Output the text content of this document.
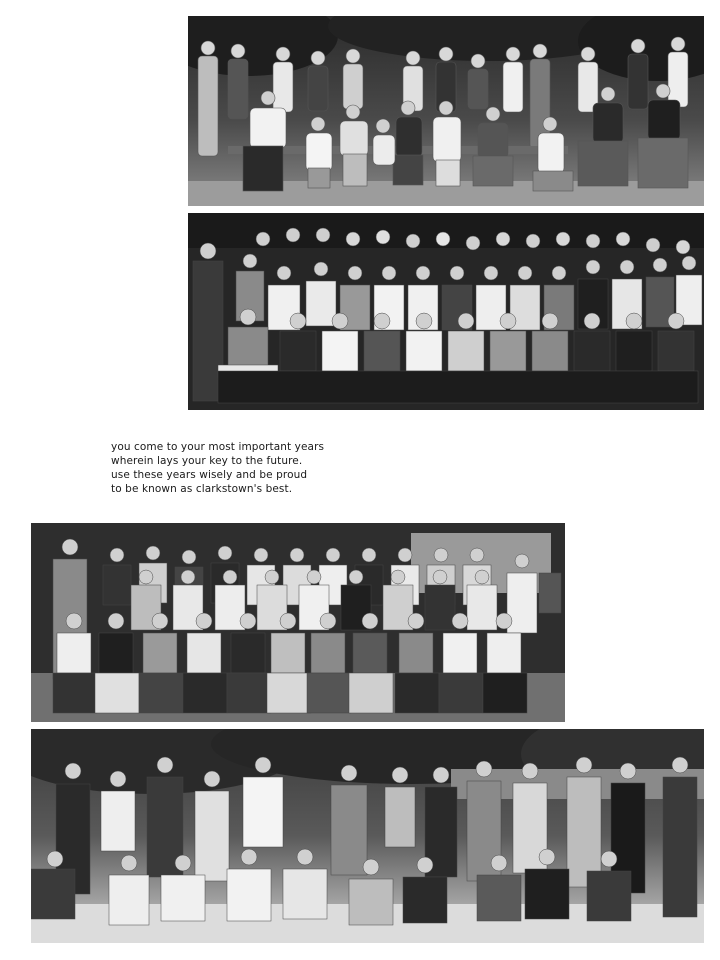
you come to your most important years
wherein lays your key to the future.
use these years wisely and be proud
to be known as clarkstown's best.
